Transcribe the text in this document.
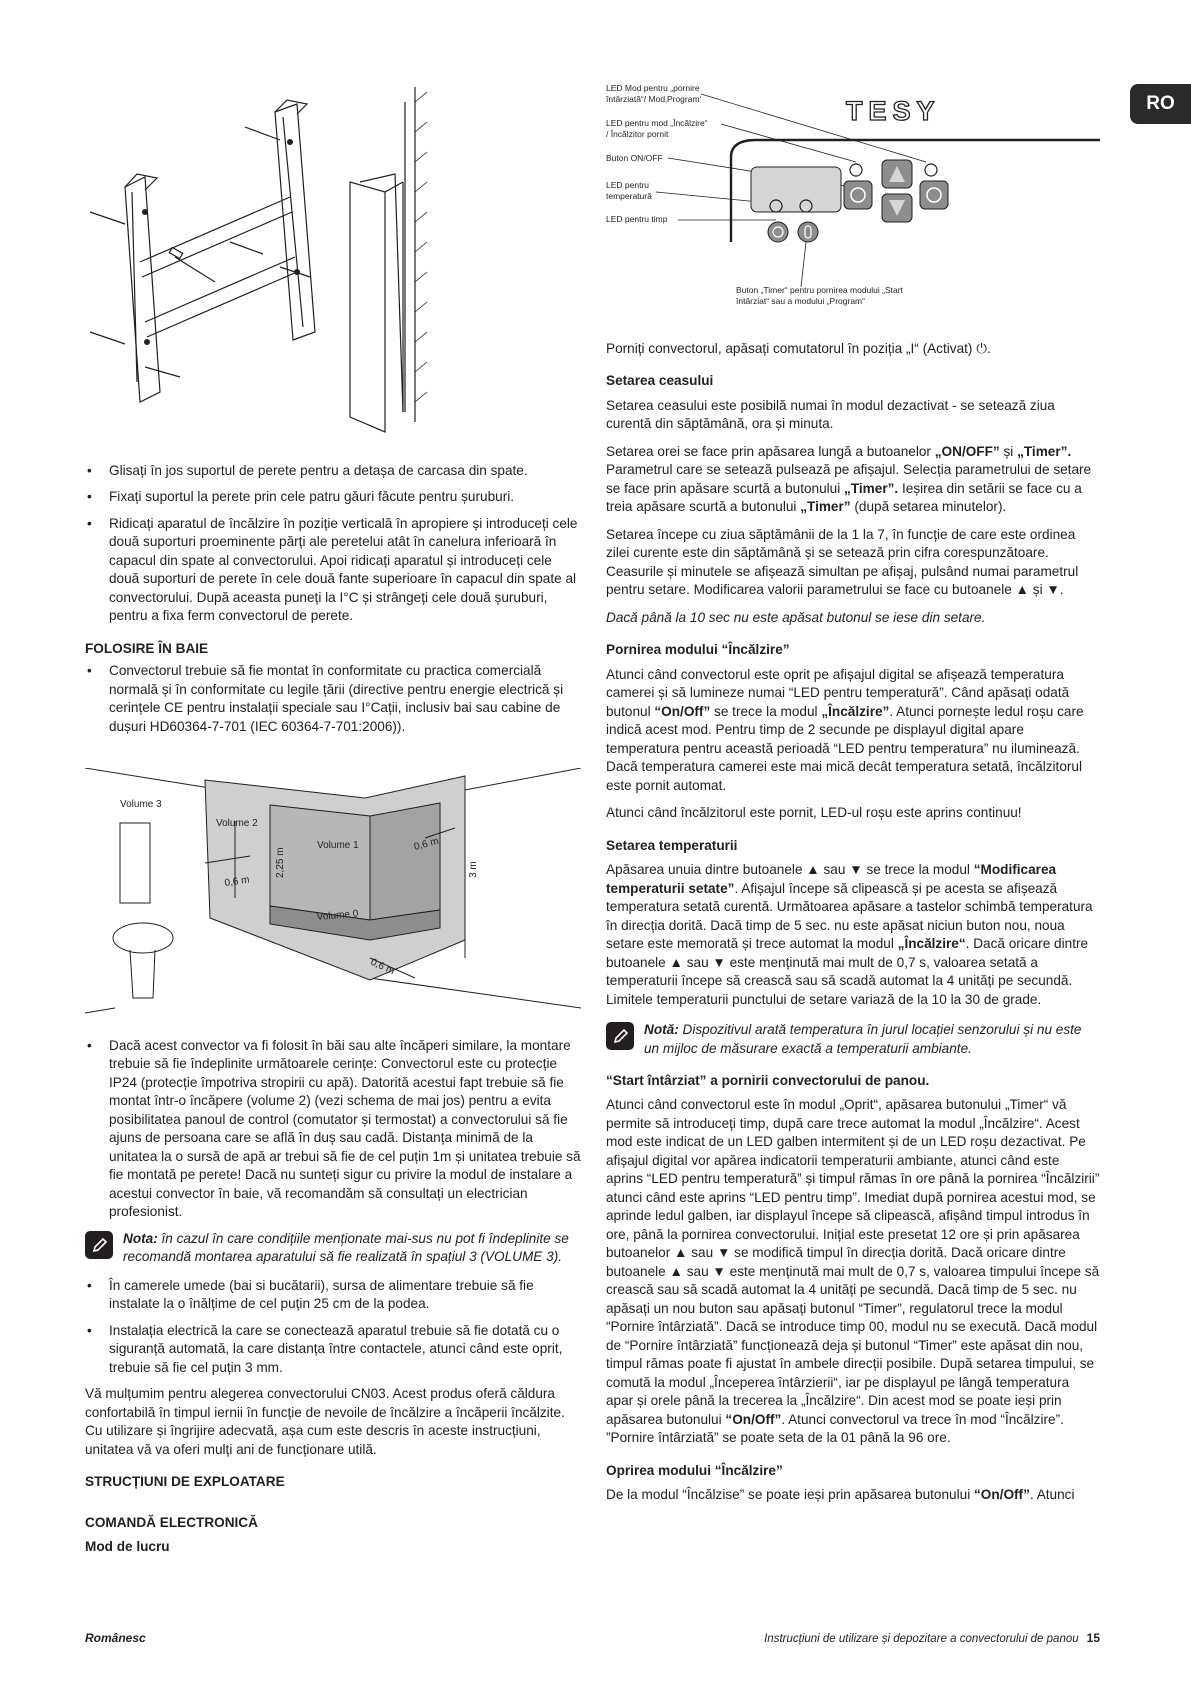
RO
• Glisați în jos suportul de perete pentru a detașa de carcasa din spate.
• Fixați suportul la perete prin cele patru găuri făcute pentru șuruburi.
• Ridicați aparatul de încălzire în poziție verticală în apropiere și introduceți cele două suporturi proeminente părți ale peretelui atât în canelura inferioară în capacul din spate al convectorului. Apoi ridicați aparatul și introduceți cele două suporturi de perete în cele două fante superioare în capacul din spate al convectorului. După aceasta puneți la I°C și strângeți cele două șuruburi, pentru a fixa ferm convectorul de perete.
FOLOSIRE ÎN BAIE
• Convectorul trebuie să fie montat în conformitate cu practica comercială normală și în conformitate cu legile țării (directive pentru energie electrică și cerințele CE pentru instalații speciale sau I°Cații, inclusiv bai sau cabine de dușuri HD60364-7-701 (IEC 60364-7-701:2006)).
Volume 3
Volume 2
Volume 1
Volume 0
0,6 m
0,6 m
0,6 m
2,25 m	3 m
• Dacă acest convector va fi folosit în băi sau alte încăperi similare, la montare trebuie să fie îndeplinite următoarele cerințe: Convectorul este cu protecție IP24 (protecție împotriva stropirii cu apă). Datorită acestui fapt trebuie să fie montat într-o încăpere (volume 2) (vezi schema de mai jos) pentru a evita posibilitatea panoul de control (comutator și termostat) a convectorului să fie ajuns de persoana care se află în duș sau cadă. Distanța minimă de la unitatea la o sursă de apă ar trebui să fie de cel puțin 1m și unitatea trebuie să fie montată pe perete! Dacă nu sunteți sigur cu privire la modul de instalare a acestui convector în baie, vă recomandăm să consultați un electrician profesionist.
Nota: în cazul în care condițiile menționate mai-sus nu pot fi îndeplinite se recomandă montarea aparatului să fie realizată în spațiul 3 (VOLUME 3).
• În camerele umede (bai si bucătarii), sursa de alimentare trebuie să fie instalate la o înălțime de cel puțin 25 cm de la podea.
• Instalația electrică la care se conectează aparatul trebuie să fie dotată cu o siguranță automată, la care distanța între contactele, atunci când este oprit, trebuie să fie cel puțin 3 mm.

Vă mulțumim pentru alegerea convectorului CN03. Acest produs oferă căldura confortabilă în timpul iernii în funcție de nevoile de încălzire a încăperii încălzite. Cu utilizare și îngrijire adecvată, așa cum este descris în aceste instrucțiuni, unitatea vă va oferi mulți ani de funcționare utilă.

STRUCȚIUNI DE EXPLOATARE
COMANDĂ ELECTRONICĂ
Mod de lucru
LED Mod pentru „pornire
întârziată“/ Mod‚Program‘
LED pentru mod „Încălzire“
/ Încălzitor pornit
Buton ON/OFF
LED pentru
temperatură
LED pentru timp
Buton „Timer“ pentru pornirea modului „Start
întârziat“ sau a modului „Program“
TESY

Porniți convectorul, apăsați comutatorul în poziția „I“ (Activat) ⏻.

Setarea ceasului

Setarea ceasului este posibilă numai în modul dezactivat - se setează ziua curentă din săptămână, ora și minuta.

Setarea orei se face prin apăsarea lungă a butoanelor „ON/OFF” și „Timer”. Parametrul care se setează pulsează pe afișajul. Selecția parametrului de setare se face prin apăsare scurtă a butonului „Timer”. Ieșirea din setării se face cu a treia apăsare scurtă a butonului „Timer” (după setarea minutelor).

Setarea începe cu ziua săptămânii de la 1 la 7, în funcție de care este ordinea zilei curente este din săptămână și se setează prin cifra corespunzătoare. Ceasurile și minutele se afișează simultan pe afișaj, pulsând numai parametrul pentru setare. Modificarea valorii parametrului se face cu butoanele ▲ și ▼.

Dacă până la 10 sec nu este apăsat butonul se iese din setare.

Pornirea modului “Încălzire”

Atunci când convectorul este oprit pe afișajul digital se afișează temperatura camerei și să lumineze numai “LED pentru temperatură”. Când apăsați odată butonul “On/Off” se trece la modul „Încălzire”. Atunci pornește ledul roșu care indică acest mod. Pentru timp de 2 secunde pe displayul digital apare temperatura pentru această perioadă “LED pentru temperatura” nu iluminează. Dacă temperatura camerei este mai mică decât temperatura setată, încălzitorul este pornit automat.

Atunci când încălzitorul este pornit, LED-ul roșu este aprins continuu!

Setarea temperaturii

Apăsarea unuia dintre butoanele ▲ sau ▼ se trece la modul “Modificarea temperaturii setate”. Afișajul începe să clipească și pe acesta se afișează temperatura setată curentă. Următoarea apăsare a tastelor schimbă temperatura în direcția dorită. Dacă timp de 5 sec. nu este apăsat niciun buton nou, noua setare este memorată și trece automat la modul „Încălzire“. Dacă oricare dintre butoanele ▲ sau ▼ este menținută mai mult de 0,7 s, valoarea setată a temperaturii începe să crească sau să scadă automat la 4 unități pe secundă. Limitele temperaturii punctului de setare variază de la 10 la 30 de grade.

Notă: Dispozitivul arată temperatura în jurul locației senzorului și nu este un mijloc de măsurare exactă a temperaturii ambiante.
“Start întârziat” a pornirii convectorului de panou.

Atunci când convectorul este în modul „Oprit“, apăsarea butonului „Timer“ vă permite să introduceți timp, după care trece automat la modul „Încălzire“. Acest mod este indicat de un LED galben intermitent și de un LED roșu dezactivat. Pe afișajul digital vor apărea indicatorii temperaturii ambiante, atunci când este aprins “LED pentru temperatură” și timpul rămas în ore până la pornirea “Încălzirii” atunci când este aprins “LED pentru timp”. Imediat după pornirea acestui mod, se aprinde ledul galben, iar displayul începe să clipească, afișând timpul introdus în ore, până la pornirea convectorului. Inițial este presetat 12 ore și prin apăsarea butoanelor ▲ sau ▼ se modifică timpul în direcția dorită. Dacă oricare dintre butoanele ▲ sau ▼ este menținută mai mult de 0,7 s, valoarea timpului începe să crească sau să scadă automat la 4 unități pe secundă. Dacă timp de 5 sec. nu apăsați un nou buton sau apăsați butonul “Timer”, regulatorul trece la modul “Pornire întârziată”. Dacă se introduce timp 00, modul nu se execută. Dacă modul de “Pornire întârziată” funcționează deja și butonul “Timer” este apăsat din nou, timpul rămas poate fi ajustat în ambele direcții posibile. După setarea timpului, se comută la modul „Începerea întârzierii“, iar pe displayul pe lângă temperatura apar și orele până la trecerea la „Încălzire“. Din acest mod se poate ieși prin apăsarea butonului “On/Off”. Atunci convectorul va trece în mod “Încălzire”. ”Pornire întârziată” se poate seta de la 01 până la 96 ore.

Oprirea modului “Încălzire”

De la modul “Încălzise” se poate ieși prin apăsarea butonului “On/Off”. Atunci

Românesc	Instrucțiuni de utilizare și depozitare a convectorului de panou 15
